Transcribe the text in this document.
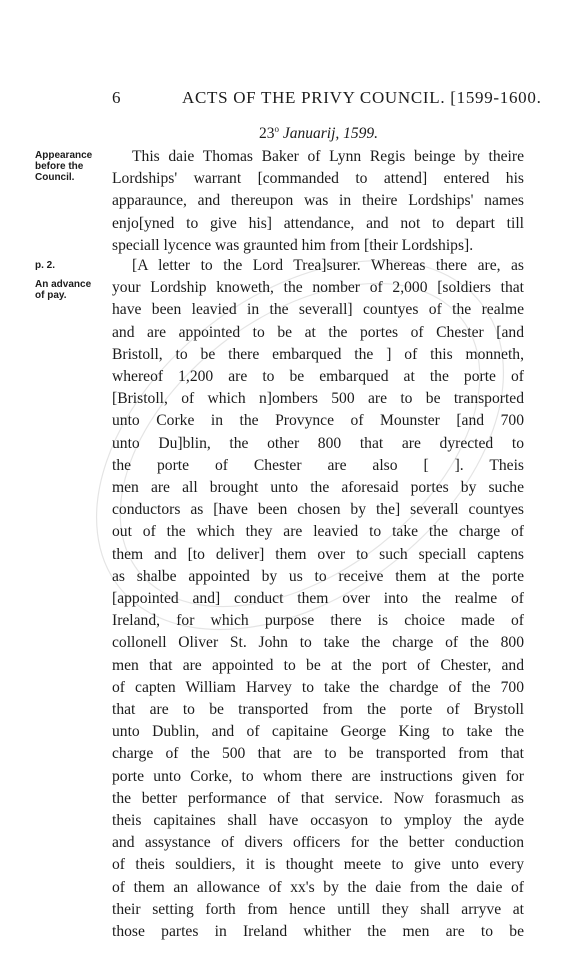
6	ACTS OF THE PRIVY COUNCIL. [1599-1600.
23$^o$ Januarij, 1599.
Appearance
before the
Council.
p. 2.
An advance
of pay.
This daie Thomas Baker of Lynn Regis beinge by theire
Lordships' warrant [commanded to attend] entered his
apparaunce, and thereupon was in theire Lordships' names
enjo[yned to give his] attendance, and not to depart till
speciall lycence was graunted him from [their Lordships].
[A letter to the Lord Trea]surer. Whereas there are, as
your Lordship knoweth, the nomber of 2,000 [soldiers that
have been leavied in the severall] countyes of the realme
and are appointed to be at the portes of Chester [and
Bristoll, to be there embarqued the ] of this monneth,
whereof 1,200 are to be embarqued at the porte of
[Bristoll, of which n]ombers 500 are to be transported
unto Corke in the Provynce of Mounster [and 700
unto Du]blin, the other 800 that are dyrected to
the porte of Chester are also [ ]. Theis
men are all brought unto the aforesaid portes by suche
conductors as [have been chosen by the] severall countyes
out of the which they are leavied to take the charge of
them and [to deliver] them over to such speciall captens
as shalbe appointed by us to receive them at the porte
[appointed and] conduct them over into the realme of
Ireland, for which purpose there is choice made of
collonell Oliver St. John to take the charge of the 800
men that are appointed to be at the port of Chester, and
of capten William Harvey to take the chardge of the 700
that are to be transported from the porte of Brystoll
unto Dublin, and of capitaine George King to take the
charge of the 500 that are to be transported from that
porte unto Corke, to whom there are instructions given for
the better performance of that service. Now forasmuch as
theis capitaines shall have occasyon to ymploy the ayde
and assystance of divers officers for the better conduction
of theis souldiers, it is thought meete to give unto every
of them an allowance of xx's by the daie from the daie of
their setting forth from hence untill they shall arryve at
those partes in Ireland whither the men are to be
